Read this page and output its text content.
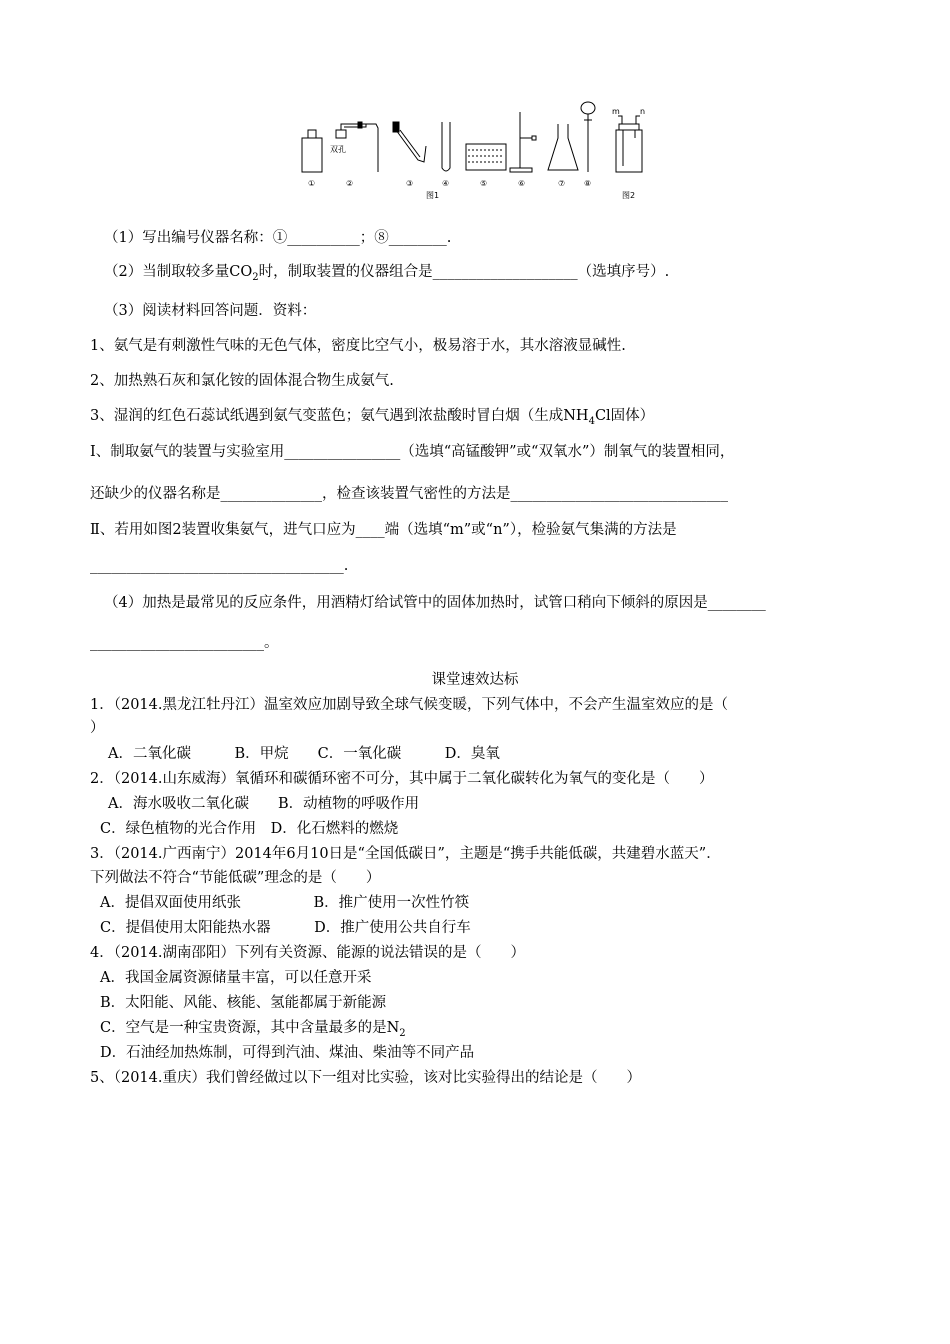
双孔
①	②	③	④	⑤	⑥	⑦ ⑧
图1	图2
m	n
（1）写出编号仪器名称：①__________；⑧________.
（2）当制取较多量$CO_2$时，制取装置的仪器组合是____________________（选填序号）.
（3）阅读材料回答问题．资料：
1、氨气是有刺激性气味的无色气体，密度比空气小，极易溶于水，其水溶液显碱性.
2、加热熟石灰和氯化铵的固体混合物生成氨气.
3、湿润的红色石蕊试纸遇到氨气变蓝色；氨气遇到浓盐酸时冒白烟（生成$NH_4Cl$固体）
Ⅰ、制取氨气的装置与实验室用________________（选填“高锰酸钾”或“双氧水”）制氧气的装置相同，
还缺少的仪器名称是______________，检查该装置气密性的方法是______________________________
Ⅱ、若用如图2装置收集氨气，进气口应为____端（选填“m”或“n”），检验氨气集满的方法是
___________________________________.
（4）加热是最常见的反应条件，用酒精灯给试管中的固体加热时，试管口稍向下倾斜的原因是________
________________________。
课堂速效达标
1．（2014.黑龙江牡丹江）温室效应加剧导致全球气候变暖，下列气体中，不会产生温室效应的是（
）
A．二氧化碳　　　B．甲烷　　C．一氧化碳　　　D．臭氧
2．（2014.山东威海）氧循环和碳循环密不可分，其中属于二氧化碳转化为氧气的变化是（　　）
A．海水吸收二氧化碳　　B．动植物的呼吸作用
C．绿色植物的光合作用　D．化石燃料的燃烧
3．（2014.广西南宁）2014年6月10日是“全国低碳日”，主题是“携手共能低碳，共建碧水蓝天”．
下列做法不符合“节能低碳”理念的是（　　）
A．提倡双面使用纸张　　　　　B．推广使用一次性竹筷
C．提倡使用太阳能热水器　　　D．推广使用公共自行车
4．（2014.湖南邵阳）下列有关资源、能源的说法错误的是（　　）
A．我国金属资源储量丰富，可以任意开采
B．太阳能、风能、核能、氢能都属于新能源
C．空气是一种宝贵资源，其中含量最多的是$N_2$
D．石油经加热炼制，可得到汽油、煤油、柴油等不同产品
5、（2014.重庆）我们曾经做过以下一组对比实验，该对比实验得出的结论是（　　）
